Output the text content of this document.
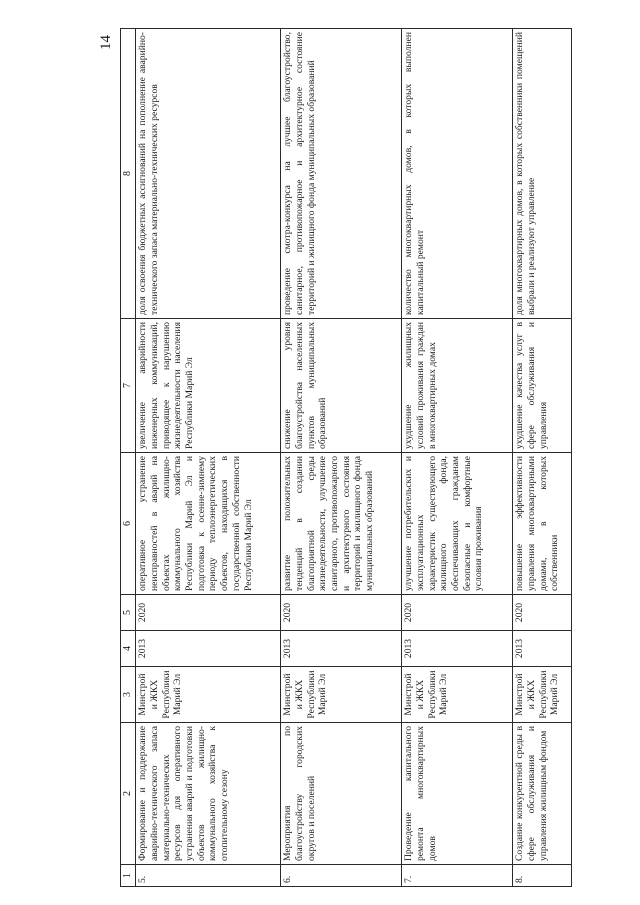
14
1	2	3	4	5	6	7	8
5.	Формирование и поддержание аварийно-технического запаса материально-технических ресурсов для оперативного устранения аварий и подготовки объектов жилищно-коммунального хозяйства к отопительному сезону	Минстрой и ЖКХ Республики Марий Эл	2013	2020	оперативное устранение неисправностей в аварий на объектах жилищно-коммунального хозяйства Республики Марий Эл и подготовка к осенне-зимнему периоду теплоэнергетических объектов, находящихся в государственной собственности Республики Марий Эл	увеличение аварийности инженерных коммуникаций, приводящее к нарушению жизнедеятельности населения Республики Марий Эл	доля освоения бюджетных ассигнований на пополнение аварийно-технического запаса материально-технических ресурсов
6.	Мероприятия по благоустройству городских округов и поселений	Минстрой и ЖКХ Республики Марий Эл	2013	2020	развитие положительных тенденций в создании благоприятной среды жизнедеятельности, улучшение санитарного, противопожарного и архитектурного состояния территорий и жилищного фонда муниципальных образований	снижение уровня благоустройства населенных пунктов муниципальных образований	проведение смотра-конкурса на лучшее благоустройство, санитарное, противопожарное и архитектурное состояние территорий и жилищного фонда муниципальных образований
7.	Проведение капитального ремонта многоквартирных домов	Минстрой и ЖКХ Республики Марий Эл	2013	2020	улучшение потребительских и эксплуатационных характеристик существующего жилищного фонда, обеспечивающих гражданам безопасные и комфортные условия проживания	ухудшение жилищных условий проживания граждан в многоквартирных домах	количество многоквартирных домов, в которых выполнен капитальный ремонт
8.	Создание конкурентной среды в сфере обслуживания и управления жилищным фондом	Минстрой и ЖКХ Республики Марий Эл	2013	2020	повышение эффективности управления многоквартирными домами, в которых собственники	ухудшение качества услуг в сфере обслуживания и управления	доля многоквартирных домов, в которых собственники помещений выбрали и реализуют управление
